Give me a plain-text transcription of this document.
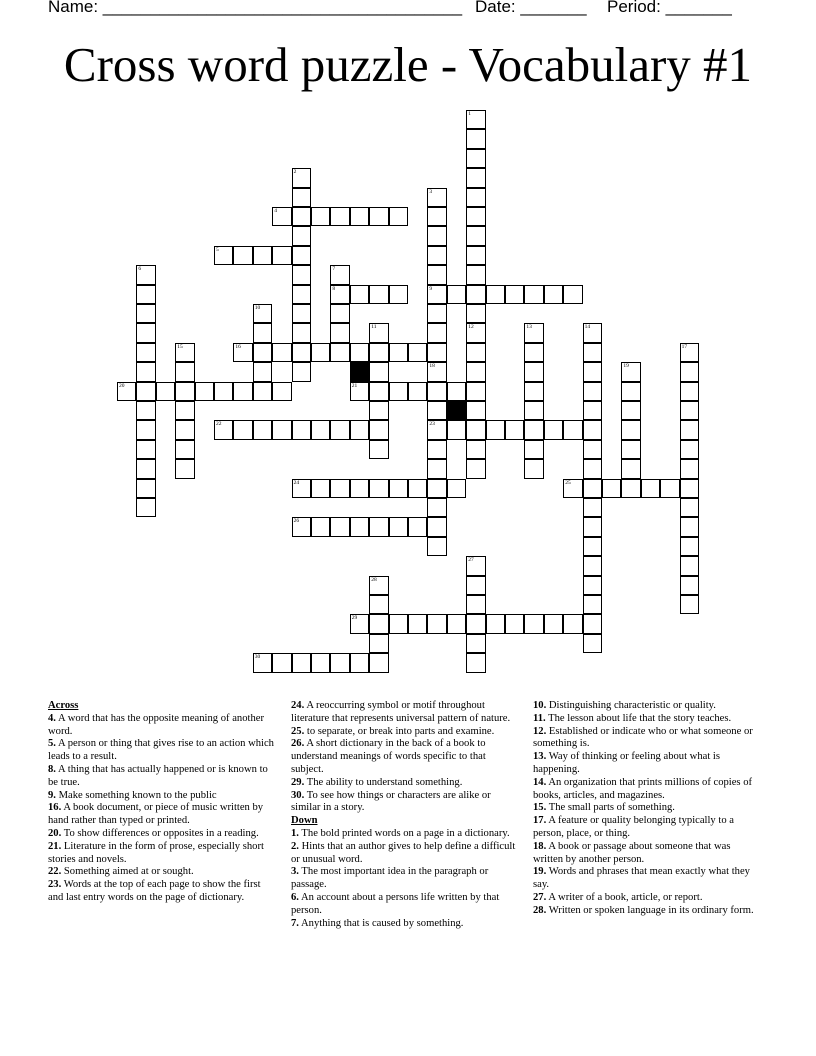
Name: ______________________________________ Date: _______ Period: _______
Cross word puzzle - Vocabulary #1
1
12
2
3
9
18
4
5
6	7
8
10
11	13	14
15	16	17
23
19
20	21
22
24	25
26
27
28
29
30
Across
4. A word that has the opposite meaning of another word.
5. A person or thing that gives rise to an action which leads to a result.
8. A thing that has actually happened or is known to be true.
9. Make something known to the public
16. A book document, or piece of music written by hand rather than typed or printed.
20. To show differences or opposites in a reading.
21. Literature in the form of prose, especially short stories and novels.
22. Something aimed at or sought.
23. Words at the top of each page to show the first and last entry words on the page of dictionary.
24. A reoccurring symbol or motif throughout literature that represents universal pattern of nature.
25. to separate, or break into parts and examine.
26. A short dictionary in the back of a book to understand meanings of words specific to that subject.
29. The ability to understand something.
30. To see how things or characters are alike or similar in a story.
Down
1. The bold printed words on a page in a dictionary.
2. Hints that an author gives to help define a difficult or unusual word.
3. The most important idea in the paragraph or passage.
6. An account about a persons life written by that person.
7. Anything that is caused by something.
10. Distinguishing characteristic or quality.
11. The lesson about life that the story teaches.
12. Established or indicate who or what someone or something is.
13. Way of thinking or feeling about what is happening.
14. An organization that prints millions of copies of books, articles, and magazines.
15. The small parts of something.
17. A feature or quality belonging typically to a person, place, or thing.
18. A book or passage about someone that was written by another person.
19. Words and phrases that mean exactly what they say.
27. A writer of a book, article, or report.
28. Written or spoken language in its ordinary form.
